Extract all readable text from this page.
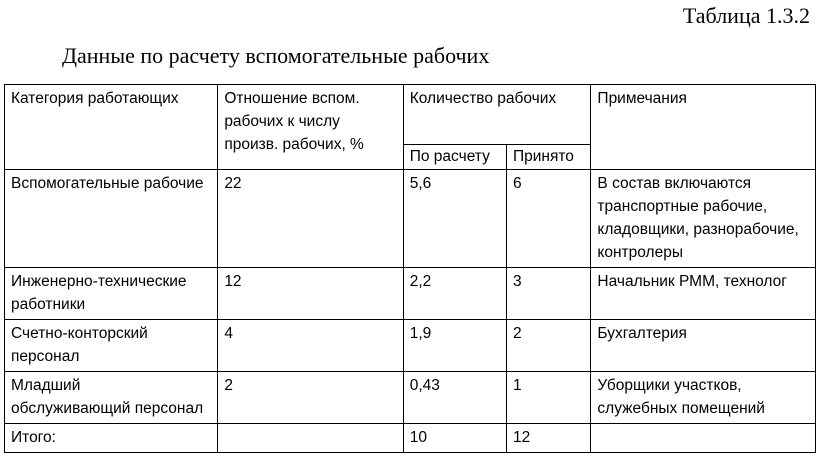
Таблица 1.3.2
Данные по расчету вспомогательные рабочих
Категория работающих	Отношение вспом.
рабочих к числу
произв. рабочих, %	Количество рабочих		Примечания
		По расчету	Принято	
Вспомогательные рабочие	22	5,6	6	В состав включаются
транспортные рабочие,
кладовщики, разнорабочие,
контролеры
Инженерно-технические
работники	12	2,2	3	Начальник РММ, технолог
Счетно-конторский
персонал	4	1,9	2	Бухгалтерия
Младший
обслуживающий персонал	2	0,43	1	Уборщики участков,
служебных помещений
Итого:		10	12	
